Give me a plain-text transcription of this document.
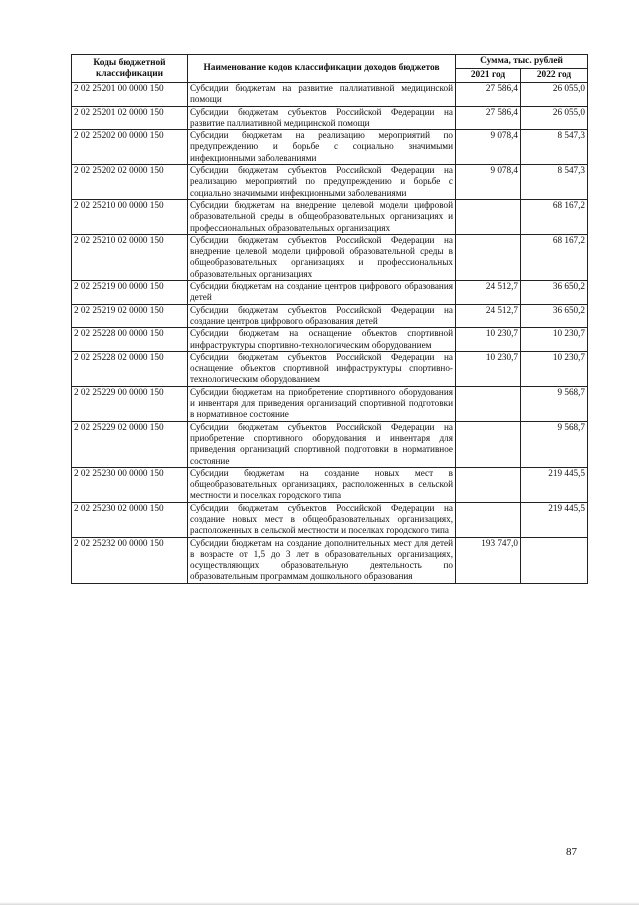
Коды бюджетной классификации	Наименование кодов классификации доходов бюджетов	Сумма, тыс. рублей	
		2021 год	2022 год
2 02 25201 00 0000 150	Субсидии бюджетам на развитие паллиативной медицинской помощи	27 586,4	26 055,0
2 02 25201 02 0000 150	Субсидии бюджетам субъектов Российской Федерации на развитие паллиативной медицинской помощи	27 586,4	26 055,0
2 02 25202 00 0000 150	Субсидии бюджетам на реализацию мероприятий по предупреждению и борьбе с социально значимыми инфекционными заболеваниями	9 078,4	8 547,3
2 02 25202 02 0000 150	Субсидии бюджетам субъектов Российской Федерации на реализацию мероприятий по предупреждению и борьбе с социально значимыми инфекционными заболеваниями	9 078,4	8 547,3
2 02 25210 00 0000 150	Субсидии бюджетам на внедрение целевой модели цифровой образовательной среды в общеобразовательных организациях и профессиональных образовательных организациях		68 167,2
2 02 25210 02 0000 150	Субсидии бюджетам субъектов Российской Федерации на внедрение целевой модели цифровой образовательной среды в общеобразовательных организациях и профессиональных образовательных организациях		68 167,2
2 02 25219 00 0000 150	Субсидии бюджетам на создание центров цифрового образования детей	24 512,7	36 650,2
2 02 25219 02 0000 150	Субсидии бюджетам субъектов Российской Федерации на создание центров цифрового образования детей	24 512,7	36 650,2
2 02 25228 00 0000 150	Субсидии бюджетам на оснащение объектов спортивной инфраструктуры спортивно-технологическим оборудованием	10 230,7	10 230,7
2 02 25228 02 0000 150	Субсидии бюджетам субъектов Российской Федерации на оснащение объектов спортивной инфраструктуры спортивно-технологическим оборудованием	10 230,7	10 230,7
2 02 25229 00 0000 150	Субсидии бюджетам на приобретение спортивного оборудования и инвентаря для приведения организаций спортивной подготовки в нормативное состояние		9 568,7
2 02 25229 02 0000 150	Субсидии бюджетам субъектов Российской Федерации на приобретение спортивного оборудования и инвентаря для приведения организаций спортивной подготовки в нормативное состояние		9 568,7
2 02 25230 00 0000 150	Субсидии бюджетам на создание новых мест в общеобразовательных организациях, расположенных в сельской местности и поселках городского типа		219 445,5
2 02 25230 02 0000 150	Субсидии бюджетам субъектов Российской Федерации на создание новых мест в общеобразовательных организациях, расположенных в сельской местности и поселках городского типа		219 445,5
2 02 25232 00 0000 150	Субсидии бюджетам на создание дополнительных мест для детей в возрасте от 1,5 до 3 лет в образовательных организациях, осуществляющих образовательную деятельность по образовательным программам дошкольного образования	193 747,0	
87
